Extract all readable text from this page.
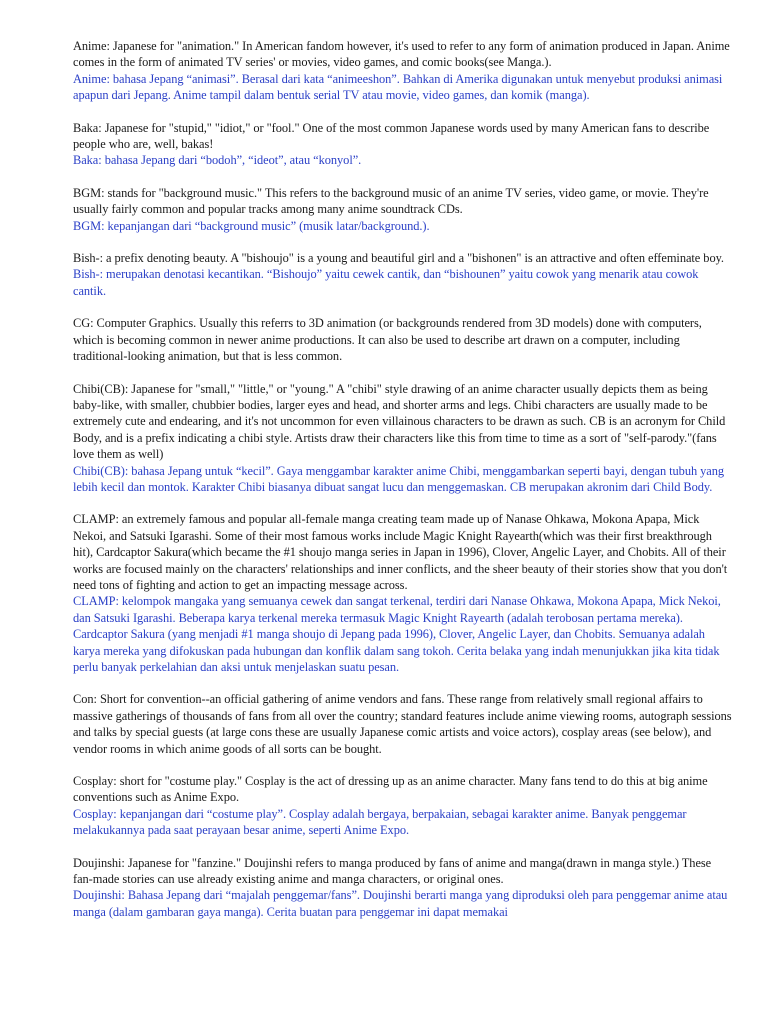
Anime: Japanese for "animation." In American fandom however, it's used to refer to any form of animation produced in Japan. Anime comes in the form of animated TV series' or movies, video games, and comic books(see Manga.).

Anime: bahasa Jepang “animasi”. Berasal dari kata “animeeshon”. Bahkan di Amerika digunakan untuk menyebut produksi animasi apapun dari Jepang. Anime tampil dalam bentuk serial TV atau movie, video games, dan komik (manga).

Baka: Japanese for "stupid," "idiot," or "fool." One of the most common Japanese words used by many American fans to describe people who are, well, bakas!

Baka: bahasa Jepang dari “bodoh”, “ideot”, atau “konyol”.

BGM: stands for "background music." This refers to the background music of an anime TV series, video game, or movie. They're usually fairly common and popular tracks among many anime soundtrack CDs.

BGM: kepanjangan dari “background music” (musik latar/background.).

Bish-: a prefix denoting beauty. A "bishoujo" is a young and beautiful girl and a "bishonen" is an attractive and often effeminate boy.

Bish-: merupakan denotasi kecantikan. “Bishoujo” yaitu cewek cantik, dan “bishounen” yaitu cowok yang menarik atau cowok cantik.

CG: Computer Graphics. Usually this referrs to 3D animation (or backgrounds rendered from 3D models) done with computers, which is becoming common in newer anime productions. It can also be used to describe art drawn on a computer, including traditional-looking animation, but that is less common.

Chibi(CB): Japanese for "small," "little," or "young." A "chibi" style drawing of an anime character usually depicts them as being baby-like, with smaller, chubbier bodies, larger eyes and head, and shorter arms and legs. Chibi characters are usually made to be extremely cute and endearing, and it's not uncommon for even villainous characters to be drawn as such. CB is an acronym for Child Body, and is a prefix indicating a chibi style. Artists draw their characters like this from time to time as a sort of "self-parody."(fans love them as well)

Chibi(CB): bahasa Jepang untuk “kecil”. Gaya menggambar karakter anime Chibi, menggambarkan seperti bayi, dengan tubuh yang lebih kecil dan montok. Karakter Chibi biasanya dibuat sangat lucu dan menggemaskan. CB merupakan akronim dari Child Body.

CLAMP: an extremely famous and popular all-female manga creating team made up of Nanase Ohkawa, Mokona Apapa, Mick Nekoi, and Satsuki Igarashi. Some of their most famous works include Magic Knight Rayearth(which was their first breakthrough hit), Cardcaptor Sakura(which became the #1 shoujo manga series in Japan in 1996), Clover, Angelic Layer, and Chobits. All of their works are focused mainly on the characters' relationships and inner conflicts, and the sheer beauty of their stories show that you don't need tons of fighting and action to get an impacting message across.

CLAMP: kelompok mangaka yang semuanya cewek dan sangat terkenal, terdiri dari Nanase Ohkawa, Mokona Apapa, Mick Nekoi, dan Satsuki Igarashi. Beberapa karya terkenal mereka termasuk Magic Knight Rayearth (adalah terobosan pertama mereka). Cardcaptor Sakura (yang menjadi #1 manga shoujo di Jepang pada 1996), Clover, Angelic Layer, dan Chobits. Semuanya adalah karya mereka yang difokuskan pada hubungan dan konflik dalam sang tokoh. Cerita belaka yang indah menunjukkan jika kita tidak perlu banyak perkelahian dan aksi untuk menjelaskan suatu pesan.

Con: Short for convention--an official gathering of anime vendors and fans. These range from relatively small regional affairs to massive gatherings of thousands of fans from all over the country; standard features include anime viewing rooms, autograph sessions and talks by special guests (at large cons these are usually Japanese comic artists and voice actors), cosplay areas (see below), and vendor rooms in which anime goods of all sorts can be bought.

Cosplay: short for "costume play." Cosplay is the act of dressing up as an anime character. Many fans tend to do this at big anime conventions such as Anime Expo.

Cosplay: kepanjangan dari “costume play”. Cosplay adalah bergaya, berpakaian, sebagai karakter anime. Banyak penggemar melakukannya pada saat perayaan besar anime, seperti Anime Expo.

Doujinshi: Japanese for "fanzine." Doujinshi refers to manga produced by fans of anime and manga(drawn in manga style.) These fan-made stories can use already existing anime and manga characters, or original ones.

Doujinshi: Bahasa Jepang dari “majalah penggemar/fans”. Doujinshi berarti manga yang diproduksi oleh para penggemar anime atau manga (dalam gambaran gaya manga). Cerita buatan para penggemar ini dapat memakai
